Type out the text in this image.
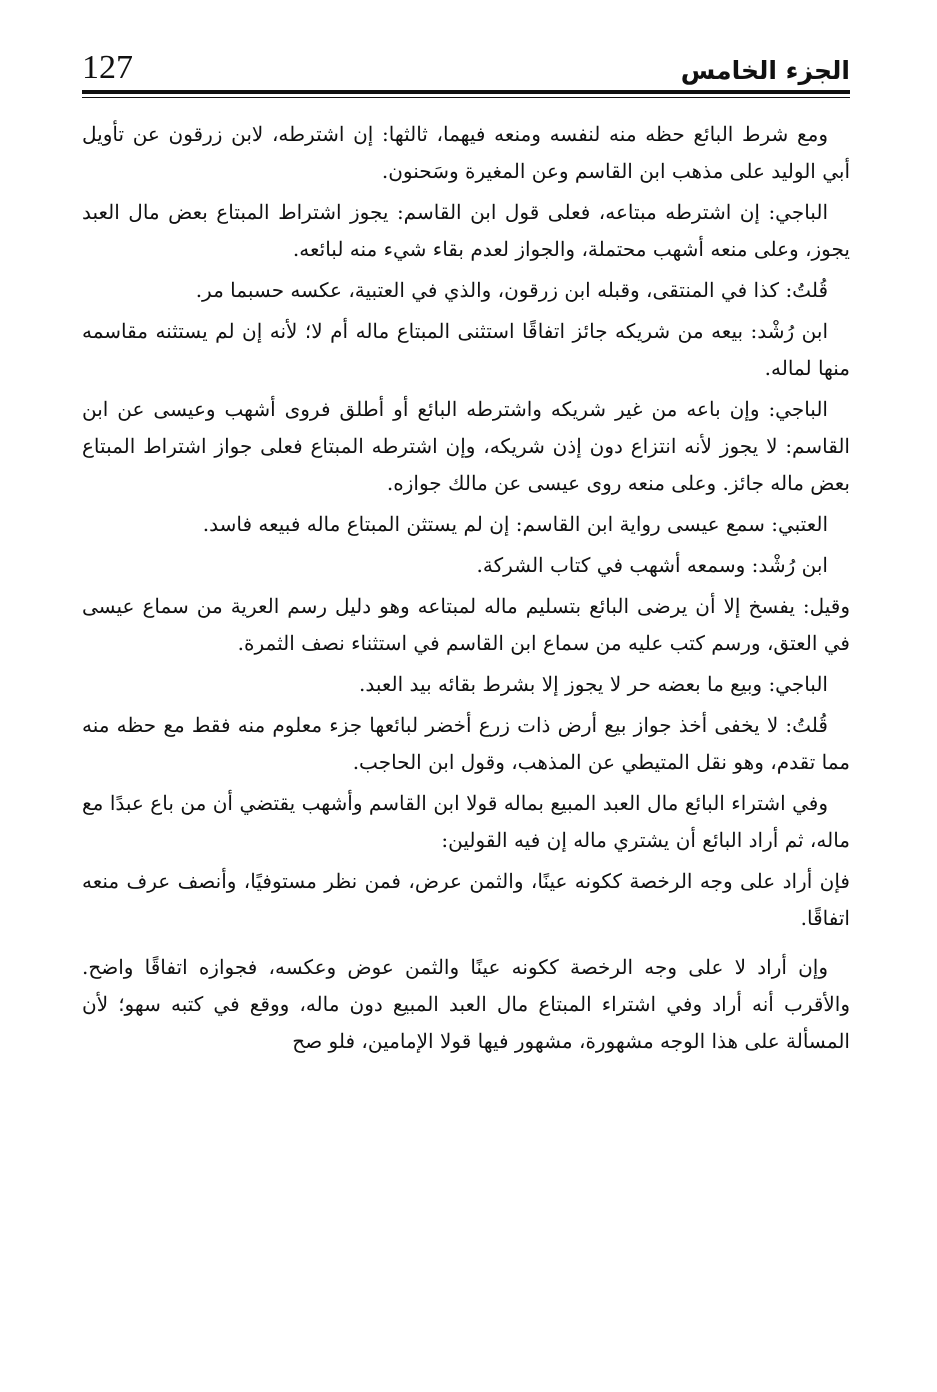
127	الجزء الخامس

ومع شرط البائع حظه منه لنفسه ومنعه فيهما، ثالثها: إن اشترطه، لابن زرقون عن تأويل أبي الوليد على مذهب ابن القاسم وعن المغيرة وسَحنون.

الباجي: إن اشترطه مبتاعه، فعلى قول ابن القاسم: يجوز اشتراط المبتاع بعض مال العبد يجوز، وعلى منعه أشهب محتملة، والجواز لعدم بقاء شيء منه لبائعه.

قُلتُ: كذا في المنتقى، وقبله ابن زرقون، والذي في العتبية، عكسه حسبما مر.

ابن رُشْد: بيعه من شريكه جائز اتفاقًا استثنى المبتاع ماله أم لا؛ لأنه إن لم يستثنه مقاسمه منها لماله.

الباجي: وإن باعه من غير شريكه واشترطه البائع أو أطلق فروى أشهب وعيسى عن ابن القاسم: لا يجوز لأنه انتزاع دون إذن شريكه، وإن اشترطه المبتاع فعلى جواز اشتراط المبتاع بعض ماله جائز. وعلى منعه روى عيسى عن مالك جوازه.

العتبي: سمع عيسى رواية ابن القاسم: إن لم يستثن المبتاع ماله فبيعه فاسد.

ابن رُشْد: وسمعه أشهب في كتاب الشركة.

وقيل: يفسخ إلا أن يرضى البائع بتسليم ماله لمبتاعه وهو دليل رسم العرية من سماع عيسى في العتق، ورسم كتب عليه من سماع ابن القاسم في استثناء نصف الثمرة.

الباجي: وبيع ما بعضه حر لا يجوز إلا بشرط بقائه بيد العبد.

قُلتُ: لا يخفى أخذ جواز بيع أرض ذات زرع أخضر لبائعها جزء معلوم منه فقط مع حظه منه مما تقدم، وهو نقل المتيطي عن المذهب، وقول ابن الحاجب.

وفي اشتراء البائع مال العبد المبيع بماله قولا ابن القاسم وأشهب يقتضي أن من باع عبدًا مع ماله، ثم أراد البائع أن يشتري ماله إن فيه القولين:

فإن أراد على وجه الرخصة ككونه عينًا، والثمن عرض، فمن نظر مستوفيًا، وأنصف عرف منعه اتفاقًا.

وإن أراد لا على وجه الرخصة ككونه عينًا والثمن عوض وعكسه، فجوازه اتفاقًا واضح. والأقرب أنه أراد وفي اشتراء المبتاع مال العبد المبيع دون ماله، ووقع في كتبه سهو؛ لأن المسألة على هذا الوجه مشهورة، مشهور فيها قولا الإمامين، فلو صح
